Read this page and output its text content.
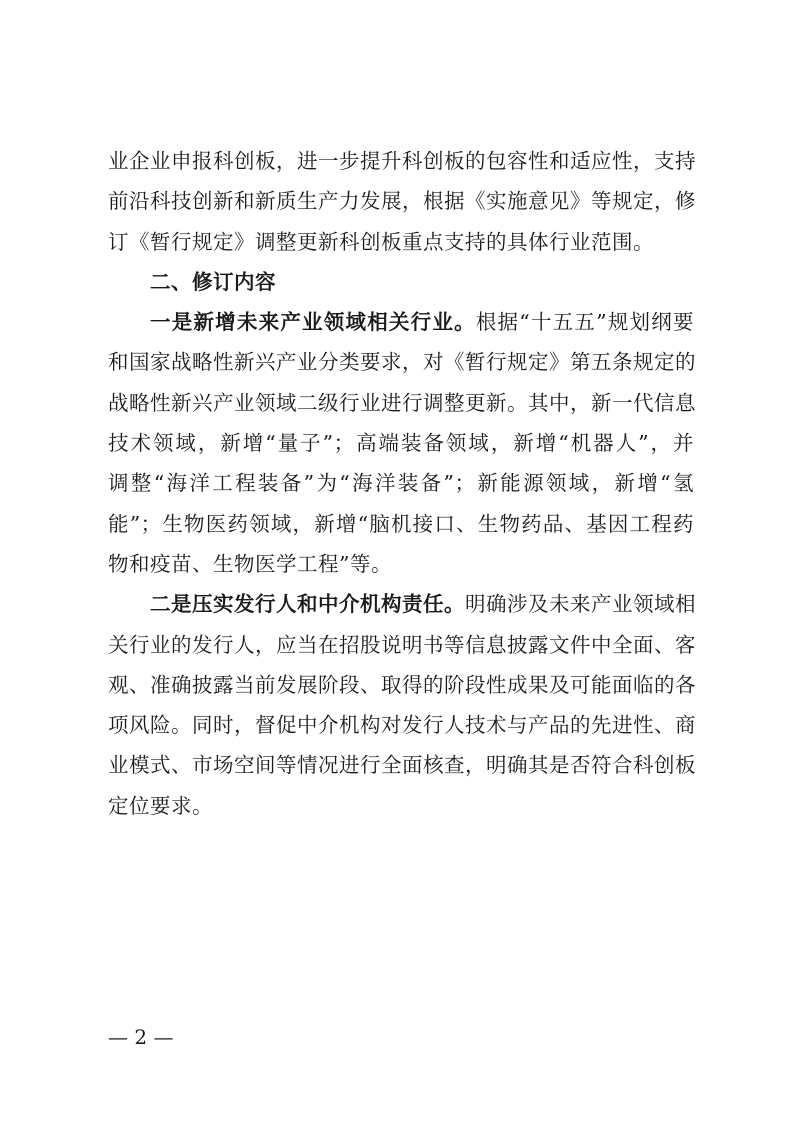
业企业申报科创板，进一步提升科创板的包容性和适应性，支持
前沿科技创新和新质生产力发展，根据《实施意见》等规定，修
订《暂行规定》调整更新科创板重点支持的具体行业范围。
二、修订内容
一是新增未来产业领域相关行业。根据“十五五”规划纲要
和国家战略性新兴产业分类要求，对《暂行规定》第五条规定的
战略性新兴产业领域二级行业进行调整更新。其中，新一代信息
技术领域，新增“量子”；高端装备领域，新增“机器人”，并
调整“海洋工程装备”为“海洋装备”；新能源领域，新增“氢
能”；生物医药领域，新增“脑机接口、生物药品、基因工程药
物和疫苗、生物医学工程”等。
二是压实发行人和中介机构责任。明确涉及未来产业领域相
关行业的发行人，应当在招股说明书等信息披露文件中全面、客
观、准确披露当前发展阶段、取得的阶段性成果及可能面临的各
项风险。同时，督促中介机构对发行人技术与产品的先进性、商
业模式、市场空间等情况进行全面核查，明确其是否符合科创板
定位要求。
— 2 —
